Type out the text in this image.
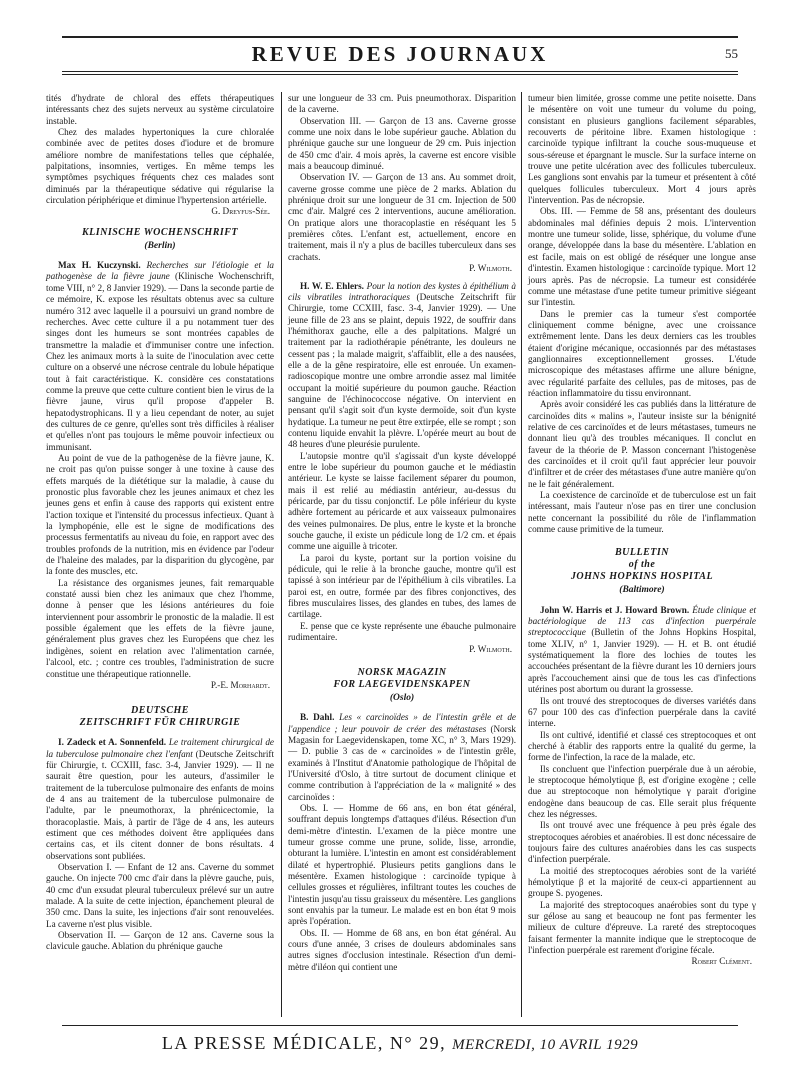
REVUE DES JOURNAUX	55

tités d'hydrate de chloral des effets thérapeutiques intéressants chez des sujets nerveux au système circulatoire instable.

Chez des malades hypertoniques la cure chloralée combinée avec de petites doses d'iodure et de bromure améliore nombre de manifestations telles que céphalée, palpitations, insomnies, vertiges. En même temps les symptômes psychiques fréquents chez ces malades sont diminués par la thérapeutique sédative qui régularise la circulation périphérique et diminue l'hypertension artérielle.

G. Dreyfus-Sée.

KLINISCHE WOCHENSCHRIFT
(Berlin)

Max H. Kuczynski. Recherches sur l'étiologie et la pathogenèse de la fièvre jaune (Klinische Wochenschrift, tome VIII, n° 2, 8 Janvier 1929). — Dans la seconde partie de ce mémoire, K. expose les résultats obtenus avec sa culture numéro 312 avec laquelle il a poursuivi un grand nombre de recherches. Avec cette culture il a pu notamment tuer des singes dont les humeurs se sont montrées capables de transmettre la maladie et d'immuniser contre une infection. Chez les animaux morts à la suite de l'inoculation avec cette culture on a observé une nécrose centrale du lobule hépatique tout à fait caractéristique. K. considère ces constatations comme la preuve que cette culture contient bien le virus de la fièvre jaune, virus qu'il propose d'appeler B. hepatodystrophicans. Il y a lieu cependant de noter, au sujet des cultures de ce genre, qu'elles sont très difficiles à réaliser et qu'elles n'ont pas toujours le même pouvoir infectieux ou immunisant.

Au point de vue de la pathogenèse de la fièvre jaune, K. ne croit pas qu'on puisse songer à une toxine à cause des effets marqués de la diététique sur la maladie, à cause du pronostic plus favorable chez les jeunes animaux et chez les jeunes gens et enfin à cause des rapports qui existent entre l'action toxique et l'intensité du processus infectieux. Quant à la lymphopénie, elle est le signe de modifications des processus fermentatifs au niveau du foie, en rapport avec des troubles profonds de la nutrition, mis en évidence par l'odeur de l'haleine des malades, par la disparition du glycogène, par la fonte des muscles, etc.

La résistance des organismes jeunes, fait remarquable constaté aussi bien chez les animaux que chez l'homme, donne à penser que les lésions antérieures du foie interviennent pour assombrir le pronostic de la maladie. Il est possible également que les effets de la fièvre jaune, généralement plus graves chez les Européens que chez les indigènes, soient en relation avec l'alimentation carnée, l'alcool, etc. ; contre ces troubles, l'administration de sucre constitue une thérapeutique rationnelle.

P.-E. Morhardt.

DEUTSCHE
ZEITSCHRIFT FÜR CHIRURGIE

I. Zadeck et A. Sonnenfeld. Le traitement chirurgical de la tuberculose pulmonaire chez l'enfant (Deutsche Zeitschrift für Chirurgie, t. CCXIII, fasc. 3-4, Janvier 1929). — Il ne saurait être question, pour les auteurs, d'assimiler le traitement de la tuberculose pulmonaire des enfants de moins de 4 ans au traitement de la tuberculose pulmonaire de l'adulte, par le pneumothorax, la phrénicectomie, la thoracoplastie. Mais, à partir de l'âge de 4 ans, les auteurs estiment que ces méthodes doivent être appliquées dans certains cas, et ils citent donner de bons résultats. 4 observations sont publiées.

Observation I. — Enfant de 12 ans. Caverne du sommet gauche. On injecte 700 cmc d'air dans la plèvre gauche, puis, 40 cmc d'un exsudat pleural tuberculeux prélevé sur un autre malade. A la suite de cette injection, épanchement pleural de 350 cmc. Dans la suite, les injections d'air sont renouvelées. La caverne n'est plus visible.

Observation II. — Garçon de 12 ans. Caverne sous la clavicule gauche. Ablation du phrénique gauche

sur une longueur de 33 cm. Puis pneumothorax. Disparition de la caverne.

Observation III. — Garçon de 13 ans. Caverne grosse comme une noix dans le lobe supérieur gauche. Ablation du phrénique gauche sur une longueur de 29 cm. Puis injection de 450 cmc d'air. 4 mois après, la caverne est encore visible mais a beaucoup diminué.

Observation IV. — Garçon de 13 ans. Au sommet droit, caverne grosse comme une pièce de 2 marks. Ablation du phrénique droit sur une longueur de 31 cm. Injection de 500 cmc d'air. Malgré ces 2 interventions, aucune amélioration. On pratique alors une thoracoplastie en réséquant les 5 premières côtes. L'enfant est, actuellement, encore en traitement, mais il n'y a plus de bacilles tuberculeux dans ses crachats.

P. Wilmoth.

H. W. E. Ehlers. Pour la notion des kystes à épithélium à cils vibratiles intrathoraciques (Deutsche Zeitschrift für Chirurgie, tome CCXIII, fasc. 3-4, Janvier 1929). — Une jeune fille de 23 ans se plaint, depuis 1922, de souffrir dans l'hémithorax gauche, elle a des palpitations. Malgré un traitement par la radiothérapie pénétrante, les douleurs ne cessent pas ; la malade maigrit, s'affaiblit, elle a des nausées, elle a de la gêne respiratoire, elle est enrouée. Un examen-radioscopique montre une ombre arrondie assez mal limitée occupant la moitié supérieure du poumon gauche. Réaction sanguine de l'échinococcose négative. On intervient en pensant qu'il s'agit soit d'un kyste dermoïde, soit d'un kyste hydatique. La tumeur ne peut être extirpée, elle se rompt ; son contenu liquide envahit la plèvre. L'opérée meurt au bout de 48 heures d'une pleurésie purulente.

L'autopsie montre qu'il s'agissait d'un kyste développé entre le lobe supérieur du poumon gauche et le médiastin antérieur. Le kyste se laisse facilement séparer du poumon, mais il est relié au médiastin antérieur, au-dessus du péricarde, par du tissu conjonctif. Le pôle inférieur du kyste adhère fortement au péricarde et aux vaisseaux pulmonaires des veines pulmonaires. De plus, entre le kyste et la bronche souche gauche, il existe un pédicule long de 1/2 cm. et épais comme une aiguille à tricoter.

La paroi du kyste, portant sur la portion voisine du pédicule, qui le relie à la bronche gauche, montre qu'il est tapissé à son intérieur par de l'épithélium à cils vibratiles. La paroi est, en outre, formée par des fibres conjonctives, des fibres musculaires lisses, des glandes en tubes, des lames de cartilage.

E. pense que ce kyste représente une ébauche pulmonaire rudimentaire.

P. Wilmoth.

NORSK MAGAZIN
FOR LAEGEVIDENSKAPEN
(Oslo)

B. Dahl. Les « carcinoïdes » de l'intestin grêle et de l'appendice ; leur pouvoir de créer des métastases (Norsk Magasin for Laegevidenskapen, tome XC, n° 3, Mars 1929). — D. publie 3 cas de « carcinoïdes » de l'intestin grêle, examinés à l'Institut d'Anatomie pathologique de l'hôpital de l'Université d'Oslo, à titre surtout de document clinique et comme contribution à l'appréciation de la « malignité » des carcinoïdes :

Obs. I. — Homme de 66 ans, en bon état général, souffrant depuis longtemps d'attaques d'iléus. Résection d'un demi-mètre d'intestin. L'examen de la pièce montre une tumeur grosse comme une prune, solide, lisse, arrondie, obturant la lumière. L'intestin en amont est considérablement dilaté et hypertrophié. Plusieurs petits ganglions dans le mésentère. Examen histologique : carcinoïde typique à cellules grosses et régulières, infiltrant toutes les couches de l'intestin jusqu'au tissu graisseux du mésentère. Les ganglions sont envahis par la tumeur. Le malade est en bon état 9 mois après l'opération.

Obs. II. — Homme de 68 ans, en bon état général. Au cours d'une année, 3 crises de douleurs abdominales sans autres signes d'occlusion intestinale. Résection d'un demi-mètre d'iléon qui contient une

tumeur bien limitée, grosse comme une petite noisette. Dans le mésentère on voit une tumeur du volume du poing, consistant en plusieurs ganglions facilement séparables, recouverts de péritoine libre. Examen histologique : carcinoïde typique infiltrant la couche sous-muqueuse et sous-séreuse et épargnant le muscle. Sur la surface interne on trouve une petite ulcération avec des follicules tuberculeux. Les ganglions sont envahis par la tumeur et présentent à côté quelques follicules tuberculeux. Mort 4 jours après l'intervention. Pas de nécropsie.

Obs. III. — Femme de 58 ans, présentant des douleurs abdominales mal définies depuis 2 mois. L'intervention montre une tumeur solide, lisse, sphérique, du volume d'une orange, développée dans la base du mésentère. L'ablation en est facile, mais on est obligé de réséquer une longue anse d'intestin. Examen histologique : carcinoïde typique. Mort 12 jours après. Pas de nécropsie. La tumeur est considérée comme une métastase d'une petite tumeur primitive siégeant sur l'intestin.

Dans le premier cas la tumeur s'est comportée cliniquement comme bénigne, avec une croissance extrêmement lente. Dans les deux derniers cas les troubles étaient d'origine mécanique, occasionnés par des métastases ganglionnaires exceptionnellement grosses. L'étude microscopique des métastases affirme une allure bénigne, avec régularité parfaite des cellules, pas de mitoses, pas de réaction inflammatoire du tissu environnant.

Après avoir considéré les cas publiés dans la littérature de carcinoïdes dits « malins », l'auteur insiste sur la bénignité relative de ces carcinoïdes et de leurs métastases, tumeurs ne donnant lieu qu'à des troubles mécaniques. Il conclut en faveur de la théorie de P. Masson concernant l'histogenèse des carcinoïdes et il croit qu'il faut apprécier leur pouvoir d'infiltrer et de créer des métastases d'une autre manière qu'on ne le fait généralement.

La coexistence de carcinoïde et de tuberculose est un fait intéressant, mais l'auteur n'ose pas en tirer une conclusion nette concernant la possibilité du rôle de l'inflammation comme cause primitive de la tumeur.

BULLETIN
of the
JOHNS HOPKINS HOSPITAL
(Baltimore)

John W. Harris et J. Howard Brown. Étude clinique et bactériologique de 113 cas d'infection puerpérale streptococcique (Bulletin of the Johns Hopkins Hospital, tome XLIV, n° 1, Janvier 1929). — H. et B. ont étudié systématiquement la flore des lochies de toutes les accouchées présentant de la fièvre durant les 10 derniers jours après l'accouchement ainsi que de tous les cas d'infections utérines post abortum ou durant la grossesse.

Ils ont trouvé des streptocoques de diverses variétés dans 67 pour 100 des cas d'infection puerpérale dans la cavité interne.

Ils ont cultivé, identifié et classé ces streptocoques et ont cherché à établir des rapports entre la qualité du germe, la forme de l'infection, la race de la malade, etc.

Ils concluent que l'infection puerpérale due à un aérobie, le streptocoque hémolytique β, est d'origine exogène ; celle due au streptocoque non hémolytique γ parait d'origine endogène dans beaucoup de cas. Elle serait plus fréquente chez les négresses.

Ils ont trouvé avec une fréquence à peu près égale des streptocoques aérobies et anaérobies. Il est donc nécessaire de toujours faire des cultures anaérobies dans les cas suspects d'infection puerpérale.

La moitié des streptocoques aérobies sont de la variété hémolytique β et la majorité de ceux-ci appartiennent au groupe S. pyogenes.

La majorité des streptocoques anaérobies sont du type γ sur gélose au sang et beaucoup ne font pas fermenter les milieux de culture d'épreuve. La rareté des streptocoques faisant fermenter la mannite indique que le streptocoque de l'infection puerpérale est rarement d'origine fécale.

Robert Clément.

LA PRESSE MÉDICALE, N° 29, MERCREDI, 10 AVRIL 1929
